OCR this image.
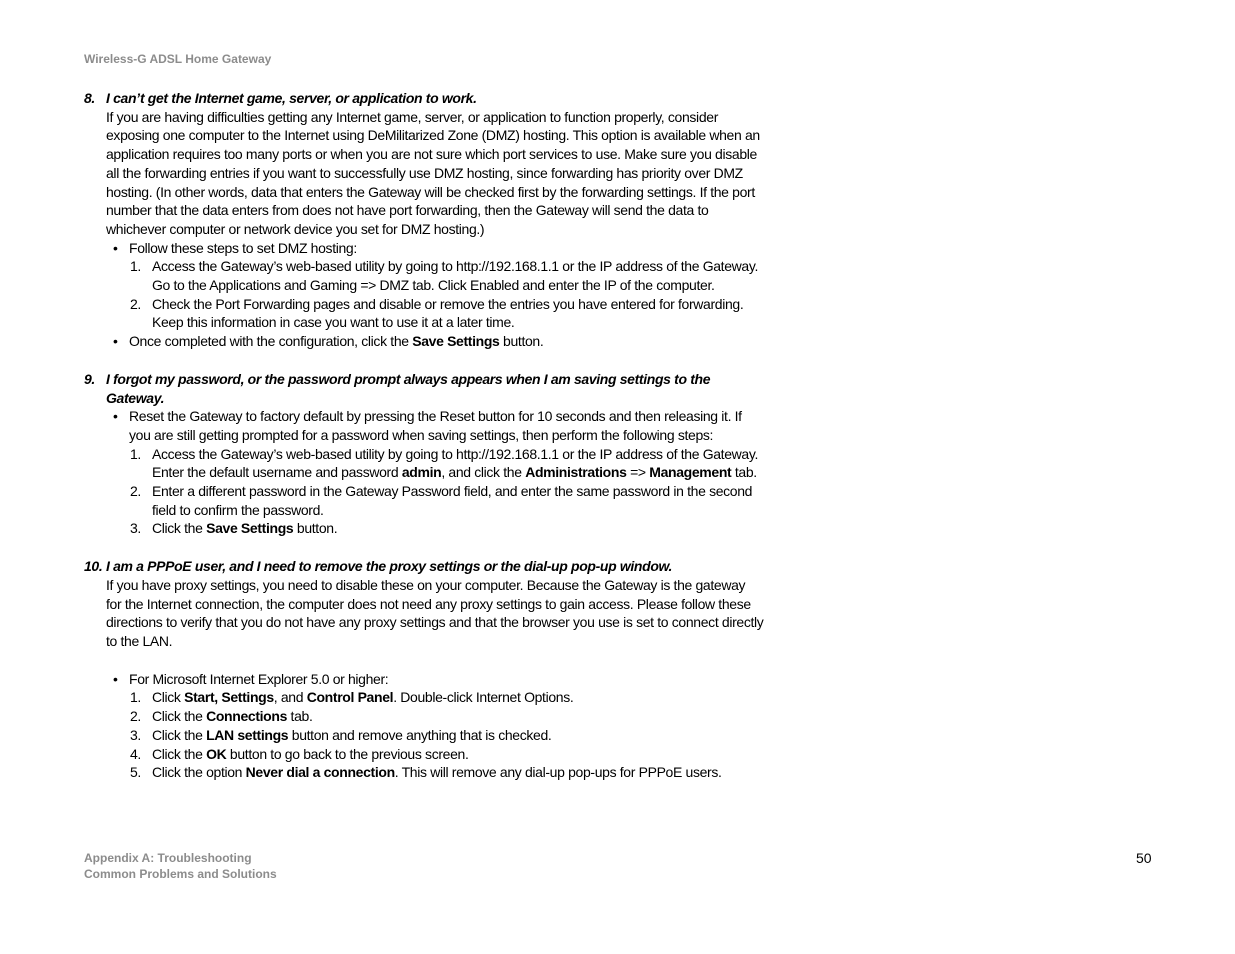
Wireless-G ADSL Home Gateway
8. I can’t get the Internet game, server, or application to work.
If you are having difficulties getting any Internet game, server, or application to function properly, consider exposing one computer to the Internet using DeMilitarized Zone (DMZ) hosting. This option is available when an application requires too many ports or when you are not sure which port services to use. Make sure you disable all the forwarding entries if you want to successfully use DMZ hosting, since forwarding has priority over DMZ hosting. (In other words, data that enters the Gateway will be checked first by the forwarding settings. If the port number that the data enters from does not have port forwarding, then the Gateway will send the data to whichever computer or network device you set for DMZ hosting.)
• Follow these steps to set DMZ hosting:
1. Access the Gateway’s web-based utility by going to http://192.168.1.1 or the IP address of the Gateway. Go to the Applications and Gaming => DMZ tab. Click Enabled and enter the IP of the computer.
2. Check the Port Forwarding pages and disable or remove the entries you have entered for forwarding. Keep this information in case you want to use it at a later time.
• Once completed with the configuration, click the Save Settings button.
9. I forgot my password, or the password prompt always appears when I am saving settings to the Gateway.
• Reset the Gateway to factory default by pressing the Reset button for 10 seconds and then releasing it. If you are still getting prompted for a password when saving settings, then perform the following steps:
1. Access the Gateway’s web-based utility by going to http://192.168.1.1 or the IP address of the Gateway. Enter the default username and password admin, and click the Administrations => Management tab.
2. Enter a different password in the Gateway Password field, and enter the same password in the second field to confirm the password.
3. Click the Save Settings button.
10. I am a PPPoE user, and I need to remove the proxy settings or the dial-up pop-up window.
If you have proxy settings, you need to disable these on your computer. Because the Gateway is the gateway for the Internet connection, the computer does not need any proxy settings to gain access. Please follow these directions to verify that you do not have any proxy settings and that the browser you use is set to connect directly to the LAN.
• For Microsoft Internet Explorer 5.0 or higher:
1. Click Start, Settings, and Control Panel. Double-click Internet Options.
2. Click the Connections tab.
3. Click the LAN settings button and remove anything that is checked.
4. Click the OK button to go back to the previous screen.
5. Click the option Never dial a connection. This will remove any dial-up pop-ups for PPPoE users.
Appendix A: Troubleshooting
Common Problems and Solutions
50
